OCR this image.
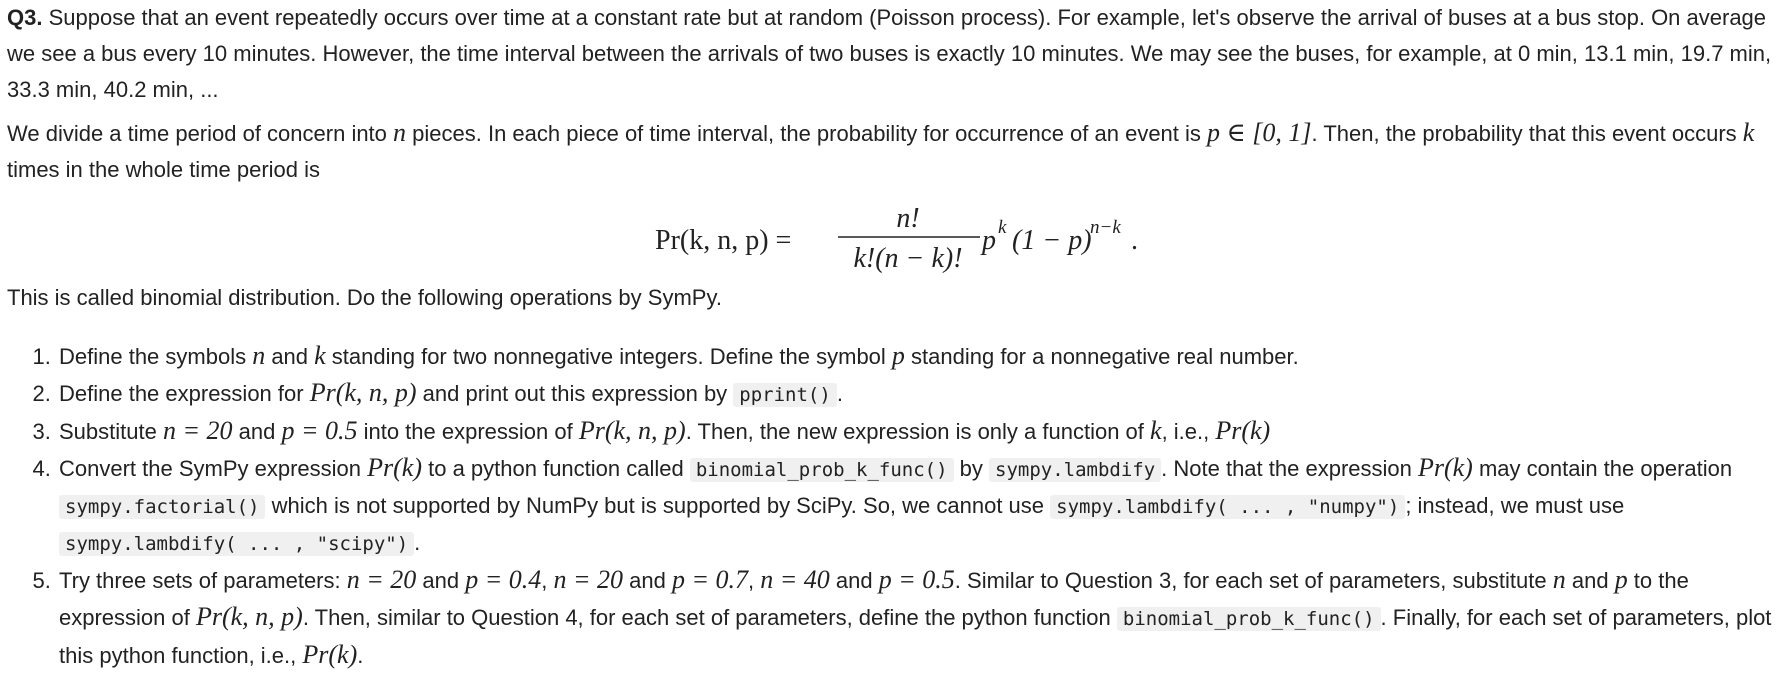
Q3. Suppose that an event repeatedly occurs over time at a constant rate but at random (Poisson process). For example, let's observe the arrival of buses at a bus stop. On average we see a bus every 10 minutes. However, the time interval between the arrivals of two buses is exactly 10 minutes. We may see the buses, for example, at 0 min, 13.1 min, 19.7 min, 33.3 min, 40.2 min, ...

We divide a time period of concern into n pieces. In each piece of time interval, the probability for occurrence of an event is p ∈ [0, 1]. Then, the probability that this event occurs k times in the whole time period is

Pr(k, n, p) =
n!
k!(n − k)!
p k (1 − p)
n−k .

This is called binomial distribution. Do the following operations by SymPy.

1. Define the symbols n and k standing for two nonnegative integers. Define the symbol p standing for a nonnegative real number.
2. Define the expression for Pr(k, n, p) and print out this expression by pprint() .
3. Substitute n = 20 and p = 0.5 into the expression of Pr(k, n, p). Then, the new expression is only a function of k, i.e., Pr(k)
4. Convert the SymPy expression Pr(k) to a python function called binomial_prob_k_func() by sympy.lambdify . Note that the expression Pr(k) may contain the operation sympy.factorial() which is not supported by NumPy but is supported by SciPy. So, we cannot use sympy.lambdify( ... , "numpy") ; instead, we must use sympy.lambdify( ... , "scipy") .
5. Try three sets of parameters: n = 20 and p = 0.4, n = 20 and p = 0.7, n = 40 and p = 0.5. Similar to Question 3, for each set of parameters, substitute n and p to the expression of Pr(k, n, p). Then, similar to Question 4, for each set of parameters, define the python function binomial_prob_k_func() . Finally, for each set of parameters, plot this python function, i.e., Pr(k).
